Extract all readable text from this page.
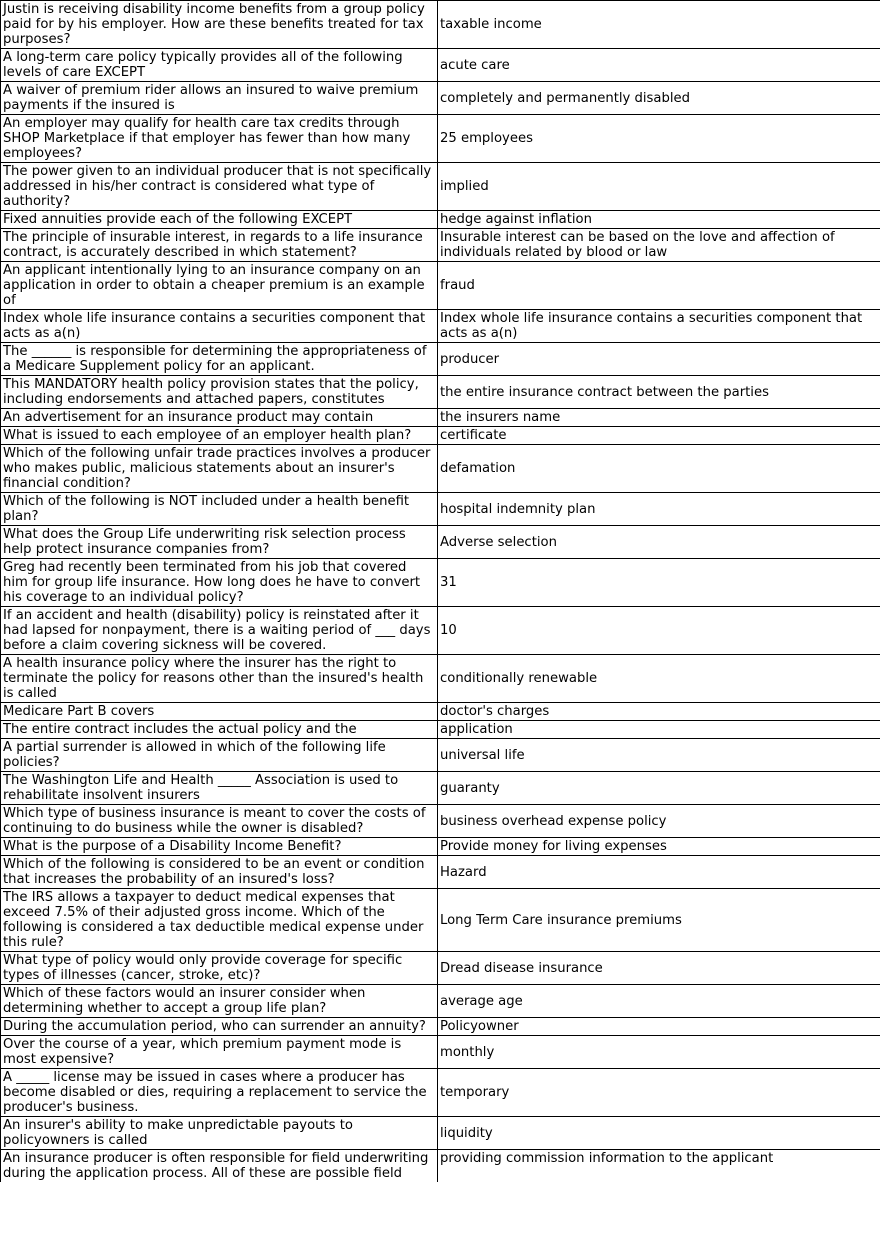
Justin is receiving disability income benefits from a group policy paid for by his employer. How are these benefits treated for tax purposes?	taxable income
A long-term care policy typically provides all of the following levels of care EXCEPT	acute care
A waiver of premium rider allows an insured to waive premium payments if the insured is	completely and permanently disabled
An employer may qualify for health care tax credits through SHOP Marketplace if that employer has fewer than how many employees?	25 employees
The power given to an individual producer that is not specifically addressed in his/her contract is considered what type of authority?	implied
Fixed annuities provide each of the following EXCEPT	hedge against inflation
The principle of insurable interest, in regards to a life insurance contract, is accurately described in which statement?	Insurable interest can be based on the love and affection of individuals related by blood or law
An applicant intentionally lying to an insurance company on an application in order to obtain a cheaper premium is an example of	fraud
Index whole life insurance contains a securities component that acts as a(n)	Index whole life insurance contains a securities component that acts as a(n)
The ______ is responsible for determining the appropriateness of a Medicare Supplement policy for an applicant.	producer
This MANDATORY health policy provision states that the policy, including endorsements and attached papers, constitutes	the entire insurance contract between the parties
An advertisement for an insurance product may contain	the insurers name
What is issued to each employee of an employer health plan?	certificate
Which of the following unfair trade practices involves a producer who makes public, malicious statements about an insurer's financial condition?	defamation
Which of the following is NOT included under a health benefit plan?	hospital indemnity plan
What does the Group Life underwriting risk selection process help protect insurance companies from?	Adverse selection
Greg had recently been terminated from his job that covered him for group life insurance. How long does he have to convert his coverage to an individual policy?	31
If an accident and health (disability) policy is reinstated after it had lapsed for nonpayment, there is a waiting period of ___ days before a claim covering sickness will be covered.	10
A health insurance policy where the insurer has the right to terminate the policy for reasons other than the insured's health is called	conditionally renewable
Medicare Part B covers	doctor's charges
The entire contract includes the actual policy and the	application
A partial surrender is allowed in which of the following life policies?	universal life
The Washington Life and Health _____ Association is used to rehabilitate insolvent insurers	guaranty
Which type of business insurance is meant to cover the costs of continuing to do business while the owner is disabled?	business overhead expense policy
What is the purpose of a Disability Income Benefit?	Provide money for living expenses
Which of the following is considered to be an event or condition that increases the probability of an insured's loss?	Hazard
The IRS allows a taxpayer to deduct medical expenses that exceed 7.5% of their adjusted gross income. Which of the following is considered a tax deductible medical expense under this rule?	Long Term Care insurance premiums
What type of policy would only provide coverage for specific types of illnesses (cancer, stroke, etc)?	Dread disease insurance
Which of these factors would an insurer consider when determining whether to accept a group life plan?	average age
During the accumulation period, who can surrender an annuity?	Policyowner
Over the course of a year, which premium payment mode is most expensive?	monthly
A _____ license may be issued in cases where a producer has become disabled or dies, requiring a replacement to service the producer's business.	temporary
An insurer's ability to make unpredictable payouts to policyowners is called	liquidity
An insurance producer is often responsible for field underwriting during the application process. All of these are possible field	providing commission information to the applicant
